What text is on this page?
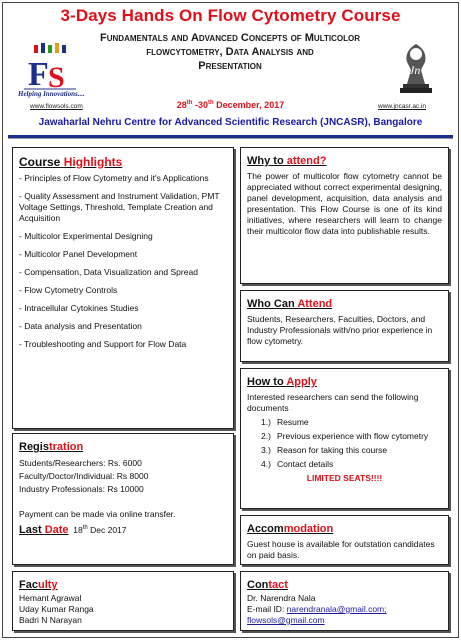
3-Days Hands On Flow Cytometry Course
Fundamentals and Advanced Concepts of Multicolor
flowcytometry, Data Analysis and
Presentation
F S
Helping Innovations....
www.flowsols.com
Jn
www.jncasr.ac.in
28th -30th December, 2017
Jawaharlal Nehru Centre for Advanced Scientific Research (JNCASR), Bangalore
Course Highlights
- Principles of Flow Cytometry and it's Applications
- Quality Assessment and Instrument Validation, PMT Voltage Settings, Threshold, Template Creation and Acquisition
- Multicolor Experimental Designing
- Multicolor Panel Development
- Compensation, Data Visualization and Spread
- Flow Cytometry Controls
- Intracellular Cytokines Studies
- Data analysis and Presentation
- Troubleshooting and Support for Flow Data
Why to attend?
The power of multicolor flow cytometry cannot be appreciated without correct experimental designing, panel development, acquisition, data analysis and presentation. This Flow Course is one of its kind initiatives, where researchers will learn to change their multicolor flow data into publishable results.
Who Can Attend
Students, Researchers, Faculties, Doctors, and Industry Professionals with/no prior experience in flow cytometry.
How to Apply
Interested researchers can send the following documents
1.) Resume
2.) Previous experience with flow cytometry
3.) Reason for taking this course
4.) Contact details
LIMITED SEATS!!!!
Registration
Students/Researchers: Rs. 6000
Faculty/Doctor/Individual: Rs 8000
Industry Professionals: Rs 10000
Payment can be made via online transfer.
Last Date 18th Dec 2017	Accommodation
Guest house is available for outstation candidates on paid basis.
Faculty
Hemant Agrawal
Uday Kumar Ranga
Badri N Narayan
Contact
Dr. Narendra Nala
E-mail ID: narendranala@gmail.com;
flowsols@gmail.com
